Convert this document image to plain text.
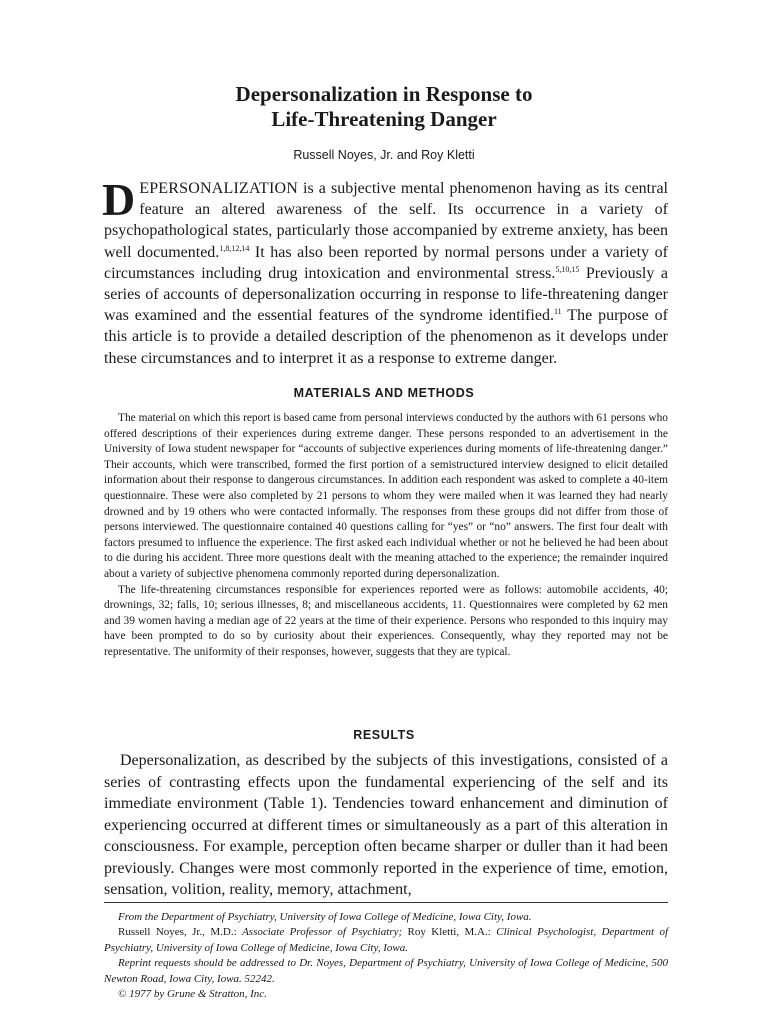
Depersonalization in Response to
Life-Threatening Danger
Russell Noyes, Jr. and Roy Kletti

DEPERSONALIZATION is a subjective mental phenomenon having as its central feature an altered awareness of the self. Its occurrence in a variety of psychopathological states, particularly those accompanied by extreme anxiety, has been well documented.$^{1,8,12,14}$ It has also been reported by normal persons under a variety of circumstances including drug intoxication and environmental stress.$^{5,10,15}$ Previously a series of accounts of depersonalization occurring in response to life-threatening danger was examined and the essential features of the syndrome identified.$^{11}$ The purpose of this article is to provide a detailed description of the phenomenon as it develops under these circumstances and to interpret it as a response to extreme danger.

MATERIALS AND METHODS

The material on which this report is based came from personal interviews conducted by the authors with 61 persons who offered descriptions of their experiences during extreme danger. These persons responded to an advertisement in the University of Iowa student newspaper for “accounts of subjective experiences during moments of life-threatening danger.” Their accounts, which were transcribed, formed the first portion of a semistructured interview designed to elicit detailed information about their response to dangerous circumstances. In addition each respondent was asked to complete a 40-item questionnaire. These were also completed by 21 persons to whom they were mailed when it was learned they had nearly drowned and by 19 others who were contacted informally. The responses from these groups did not differ from those of persons interviewed. The questionnaire contained 40 questions calling for “yes” or “no” answers. The first four dealt with factors presumed to influence the experience. The first asked each individual whether or not he believed he had been about to die during his accident. Three more questions dealt with the meaning attached to the experience; the remainder inquired about a variety of subjective phenomena commonly reported during depersonalization.

The life-threatening circumstances responsible for experiences reported were as follows: automobile accidents, 40; drownings, 32; falls, 10; serious illnesses, 8; and miscellaneous accidents, 11. Questionnaires were completed by 62 men and 39 women having a median age of 22 years at the time of their experience. Persons who responded to this inquiry may have been prompted to do so by curiosity about their experiences. Consequently, whay they reported may not be representative. The uniformity of their responses, however, suggests that they are typical.

RESULTS

Depersonalization, as described by the subjects of this investigations, consisted of a series of contrasting effects upon the fundamental experiencing of the self and its immediate environment (Table 1). Tendencies toward enhancement and diminution of experiencing occurred at different times or simultaneously as a part of this alteration in consciousness. For example, perception often became sharper or duller than it had been previously. Changes were most commonly reported in the experience of time, emotion, sensation, volition, reality, memory, attachment,

From the Department of Psychiatry, University of Iowa College of Medicine, Iowa City, Iowa.

Russell Noyes, Jr., M.D.: Associate Professor of Psychiatry; Roy Kletti, M.A.: Clinical Psychologist, Department of Psychiatry, University of Iowa College of Medicine, Iowa City, Iowa.

Reprint requests should be addressed to Dr. Noyes, Department of Psychiatry, University of Iowa College of Medicine, 500 Newton Road, Iowa City, Iowa. 52242.

© 1977 by Grune & Stratton, Inc.
